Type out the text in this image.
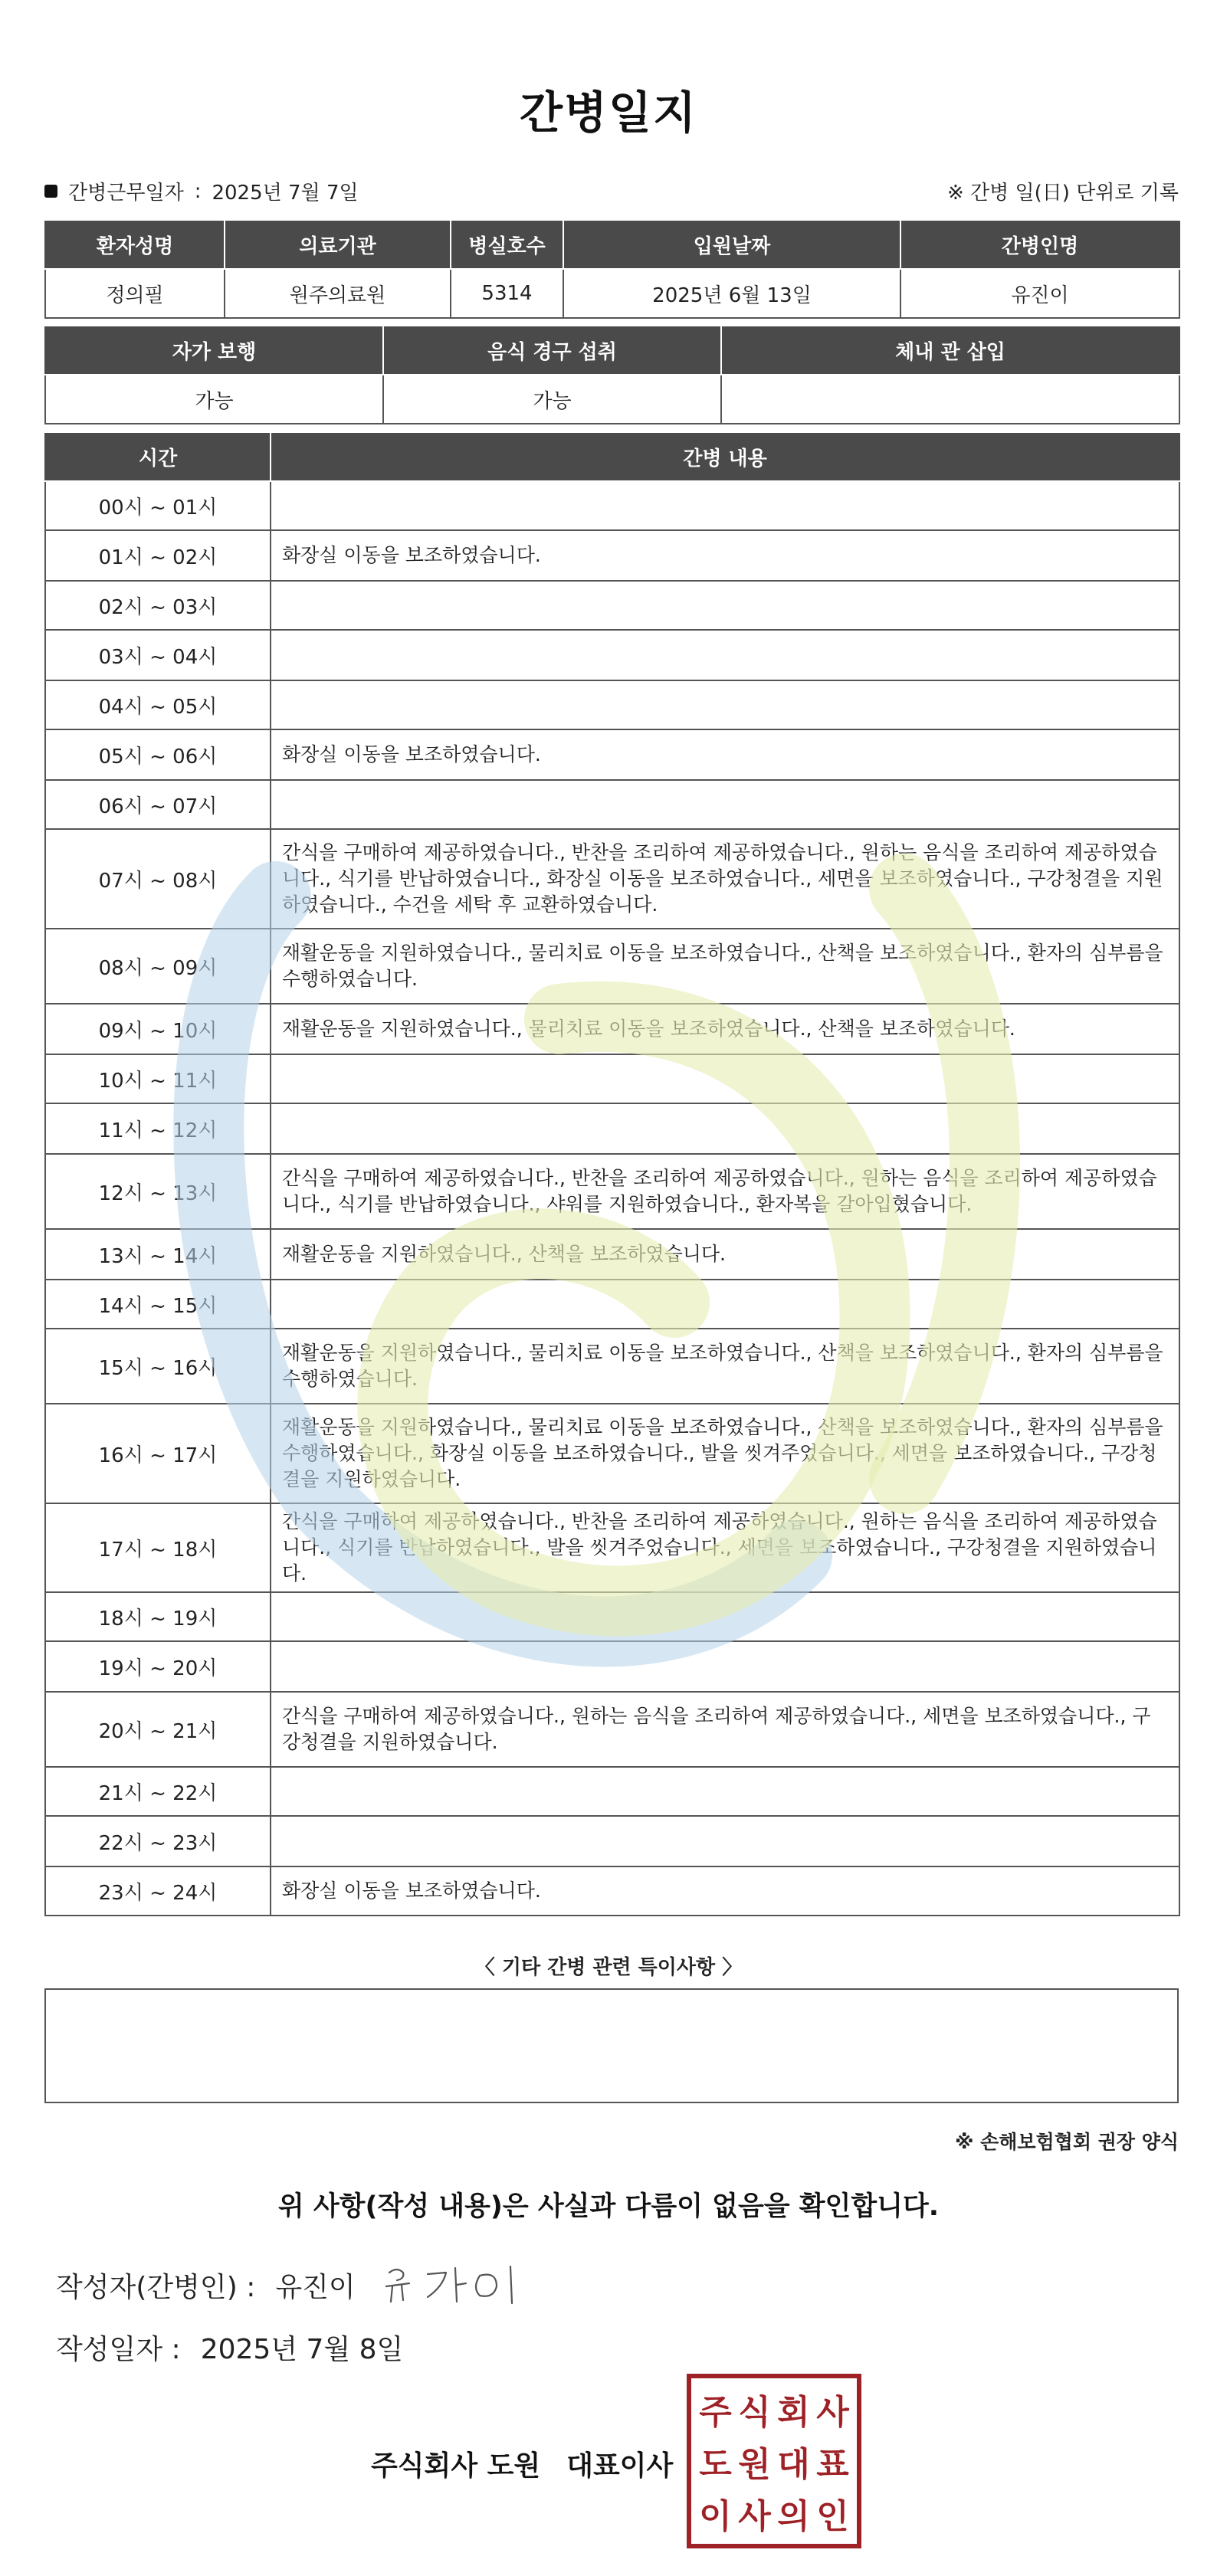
간병일지
간병근무일자 : 2025년 7월 7일	※ 간병 일(日) 단위로 기록
환자성명	의료기관	병실호수	입원날짜	간병인명
정의필	원주의료원	5314	2025년 6월 13일	유진이
자가 보행	음식 경구 섭취	체내 관 삽입
가능	가능	
시간	간병 내용
00시 ~ 01시	
01시 ~ 02시	화장실 이동을 보조하였습니다.
02시 ~ 03시	
03시 ~ 04시	
04시 ~ 05시	
05시 ~ 06시	화장실 이동을 보조하였습니다.
06시 ~ 07시	
07시 ~ 08시	간식을 구매하여 제공하였습니다., 반찬을 조리하여 제공하였습니다., 원하는 음식을 조리하여 제공하였습니다., 식기를 반납하였습니다., 화장실 이동을 보조하였습니다., 세면을 보조하였습니다., 구강청결을 지원하였습니다., 수건을 세탁 후 교환하였습니다.
08시 ~ 09시	재활운동을 지원하였습니다., 물리치료 이동을 보조하였습니다., 산책을 보조하였습니다., 환자의 심부름을 수행하였습니다.
09시 ~ 10시	재활운동을 지원하였습니다., 물리치료 이동을 보조하였습니다., 산책을 보조하였습니다.
10시 ~ 11시	
11시 ~ 12시	
12시 ~ 13시	간식을 구매하여 제공하였습니다., 반찬을 조리하여 제공하였습니다., 원하는 음식을 조리하여 제공하였습니다., 식기를 반납하였습니다., 샤워를 지원하였습니다., 환자복을 갈아입혔습니다.
13시 ~ 14시	재활운동을 지원하였습니다., 산책을 보조하였습니다.
14시 ~ 15시	
15시 ~ 16시	재활운동을 지원하였습니다., 물리치료 이동을 보조하였습니다., 산책을 보조하였습니다., 환자의 심부름을 수행하였습니다.
16시 ~ 17시	재활운동을 지원하였습니다., 물리치료 이동을 보조하였습니다., 산책을 보조하였습니다., 환자의 심부름을 수행하였습니다., 화장실 이동을 보조하였습니다., 발을 씻겨주었습니다., 세면을 보조하였습니다., 구강청결을 지원하였습니다.
17시 ~ 18시	간식을 구매하여 제공하였습니다., 반찬을 조리하여 제공하였습니다., 원하는 음식을 조리하여 제공하였습니다., 식기를 반납하였습니다., 발을 씻겨주었습니다., 세면을 보조하였습니다., 구강청결을 지원하였습니다.
18시 ~ 19시	
19시 ~ 20시	
20시 ~ 21시	간식을 구매하여 제공하였습니다., 원하는 음식을 조리하여 제공하였습니다., 세면을 보조하였습니다., 구강청결을 지원하였습니다.
21시 ~ 22시	
22시 ~ 23시	
23시 ~ 24시	화장실 이동을 보조하였습니다.
〈 기타 간병 관련 특이사항 〉
※ 손해보험협회 권장 양식
위 사항(작성 내용)은 사실과 다름이 없음을 확인합니다.
작성자(간병인) : 유진이
작성일자 : 2025년 7월 8일
주식회사 도원 대표이사
주 식 회 사
도 원 대 표
이 사 의 인
